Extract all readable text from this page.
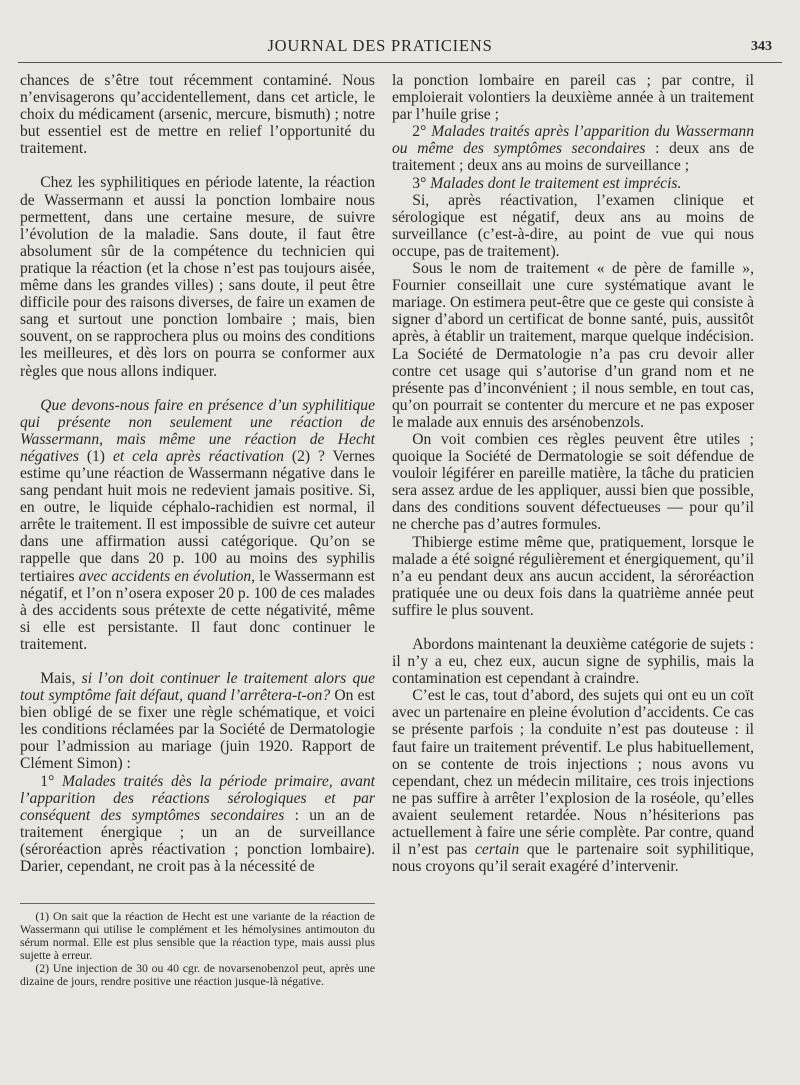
JOURNAL DES PRATICIENS	343

chances de s’être tout récemment contaminé. Nous n’envisagerons qu’accidentellement, dans cet article, le choix du médicament (arsenic, mercure, bismuth) ; notre but essentiel est de mettre en relief l’opportunité du traitement.

Chez les syphilitiques en période latente, la réaction de Wassermann et aussi la ponction lombaire nous permettent, dans une certaine mesure, de suivre l’évolution de la maladie. Sans doute, il faut être absolument sûr de la compétence du technicien qui pratique la réaction (et la chose n’est pas toujours aisée, même dans les grandes villes) ; sans doute, il peut être difficile pour des raisons diverses, de faire un examen de sang et surtout une ponction lombaire ; mais, bien souvent, on se rapprochera plus ou moins des conditions les meilleures, et dès lors on pourra se conformer aux règles que nous allons indiquer.

Que devons-nous faire en présence d’un syphilitique qui présente non seulement une réaction de Wassermann, mais même une réaction de Hecht négatives (1) et cela après réactivation (2) ? Vernes estime qu’une réaction de Wassermann négative dans le sang pendant huit mois ne redevient jamais positive. Si, en outre, le liquide céphalo-rachidien est normal, il arrête le traitement. Il est impossible de suivre cet auteur dans une affirmation aussi catégorique. Qu’on se rappelle que dans 20 p. 100 au moins des syphilis tertiaires avec accidents en évolution, le Wassermann est négatif, et l’on n’osera exposer 20 p. 100 de ces malades à des accidents sous prétexte de cette négativité, même si elle est persistante. Il faut donc continuer le traitement.

Mais, si l’on doit continuer le traitement alors que tout symptôme fait défaut, quand l’arrêtera-t-on? On est bien obligé de se fixer une règle schématique, et voici les conditions réclamées par la Société de Dermatologie pour l’admission au mariage (juin 1920. Rapport de Clément Simon) :

1° Malades traités dès la période primaire, avant l’apparition des réactions sérologiques et par conséquent des symptômes secondaires : un an de traitement énergique ; un an de surveillance (séroréaction après réactivation ; ponction lombaire). Darier, cependant, ne croit pas à la nécessité de

(1) On sait que la réaction de Hecht est une variante de la réaction de Wassermann qui utilise le complément et les hémolysines antimouton du sérum normal. Elle est plus sensible que la réaction type, mais aussi plus sujette à erreur.

(2) Une injection de 30 ou 40 cgr. de novarsenobenzol peut, après une dizaine de jours, rendre positive une réaction jusque-là négative.

la ponction lombaire en pareil cas ; par contre, il emploierait volontiers la deuxième année à un traitement par l’huile grise ;

2° Malades traités après l’apparition du Wassermann ou même des symptômes secondaires : deux ans de traitement ; deux ans au moins de surveillance ;

3° Malades dont le traitement est imprécis.

Si, après réactivation, l’examen clinique et sérologique est négatif, deux ans au moins de surveillance (c’est-à-dire, au point de vue qui nous occupe, pas de traitement).

Sous le nom de traitement « de père de famille », Fournier conseillait une cure systématique avant le mariage. On estimera peut-être que ce geste qui consiste à signer d’abord un certificat de bonne santé, puis, aussitôt après, à établir un traitement, marque quelque indécision. La Société de Dermatologie n’a pas cru devoir aller contre cet usage qui s’autorise d’un grand nom et ne présente pas d’inconvénient ; il nous semble, en tout cas, qu’on pourrait se contenter du mercure et ne pas exposer le malade aux ennuis des arsénobenzols.

On voit combien ces règles peuvent être utiles ; quoique la Société de Dermatologie se soit défendue de vouloir légiférer en pareille matière, la tâche du praticien sera assez ardue de les appliquer, aussi bien que possible, dans des conditions souvent défectueuses — pour qu’il ne cherche pas d’autres formules.

Thibierge estime même que, pratiquement, lorsque le malade a été soigné régulièrement et énergiquement, qu’il n’a eu pendant deux ans aucun accident, la séroréaction pratiquée une ou deux fois dans la quatrième année peut suffire le plus souvent.

Abordons maintenant la deuxième catégorie de sujets : il n’y a eu, chez eux, aucun signe de syphilis, mais la contamination est cependant à craindre.

C’est le cas, tout d’abord, des sujets qui ont eu un coït avec un partenaire en pleine évolution d’accidents. Ce cas se présente parfois ; la conduite n’est pas douteuse : il faut faire un traitement préventif. Le plus habituellement, on se contente de trois injections ; nous avons vu cependant, chez un médecin militaire, ces trois injections ne pas suffire à arrêter l’explosion de la roséole, qu’elles avaient seulement retardée. Nous n’hésiterions pas actuellement à faire une série complète. Par contre, quand il n’est pas certain que le partenaire soit syphilitique, nous croyons qu’il serait exagéré d’intervenir.
